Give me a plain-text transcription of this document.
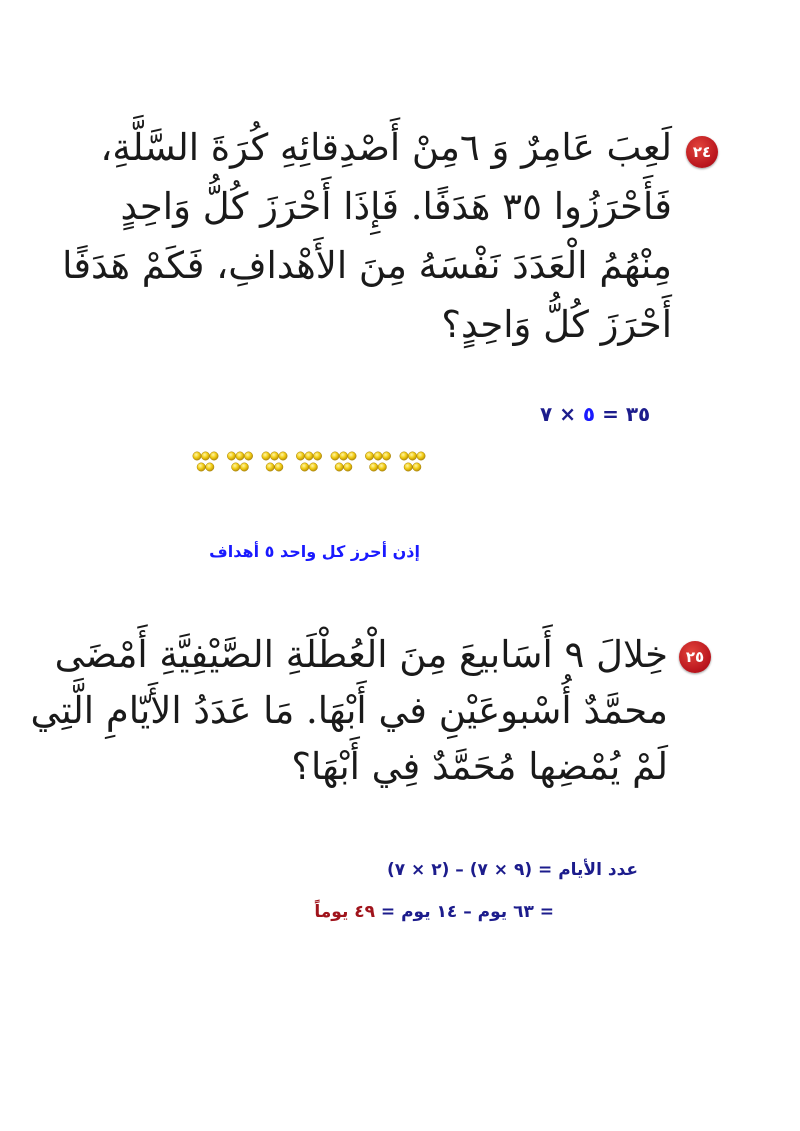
٢٤
لَعِبَ عَامِرٌ وَ ٦مِنْ أَصْدِقائِهِ كُرَةَ السَّلَّةِ،
فَأَحْرَزُوا ٣٥ هَدَفًا. فَإِذَا أَحْرَزَ كُلُّ وَاحِدٍ
مِنْهُمُ الْعَدَدَ نَفْسَهُ مِنَ الأَهْدافِ، فَكَمْ هَدَفًا
أَحْرَزَ كُلُّ وَاحِدٍ؟
٣٥ = ٥ × ٧
إذن أحرز كل واحد ٥ أهداف
٢٥
خِلالَ ٩ أَسَابيعَ مِنَ الْعُطْلَةِ الصَّيْفِيَّةِ أَمْضَى
محمَّدٌ أُسْبوعَيْنِ في أَبْهَا. مَا عَدَدُ الأَيّامِ الَّتِي
لَمْ يُمْضِها مُحَمَّدٌ فِي أَبْهَا؟
عدد الأيام = (٩ × ٧) – (٢ × ٧)
= ٦٣ يوم – ١٤ يوم = ٤٩ يوماً
